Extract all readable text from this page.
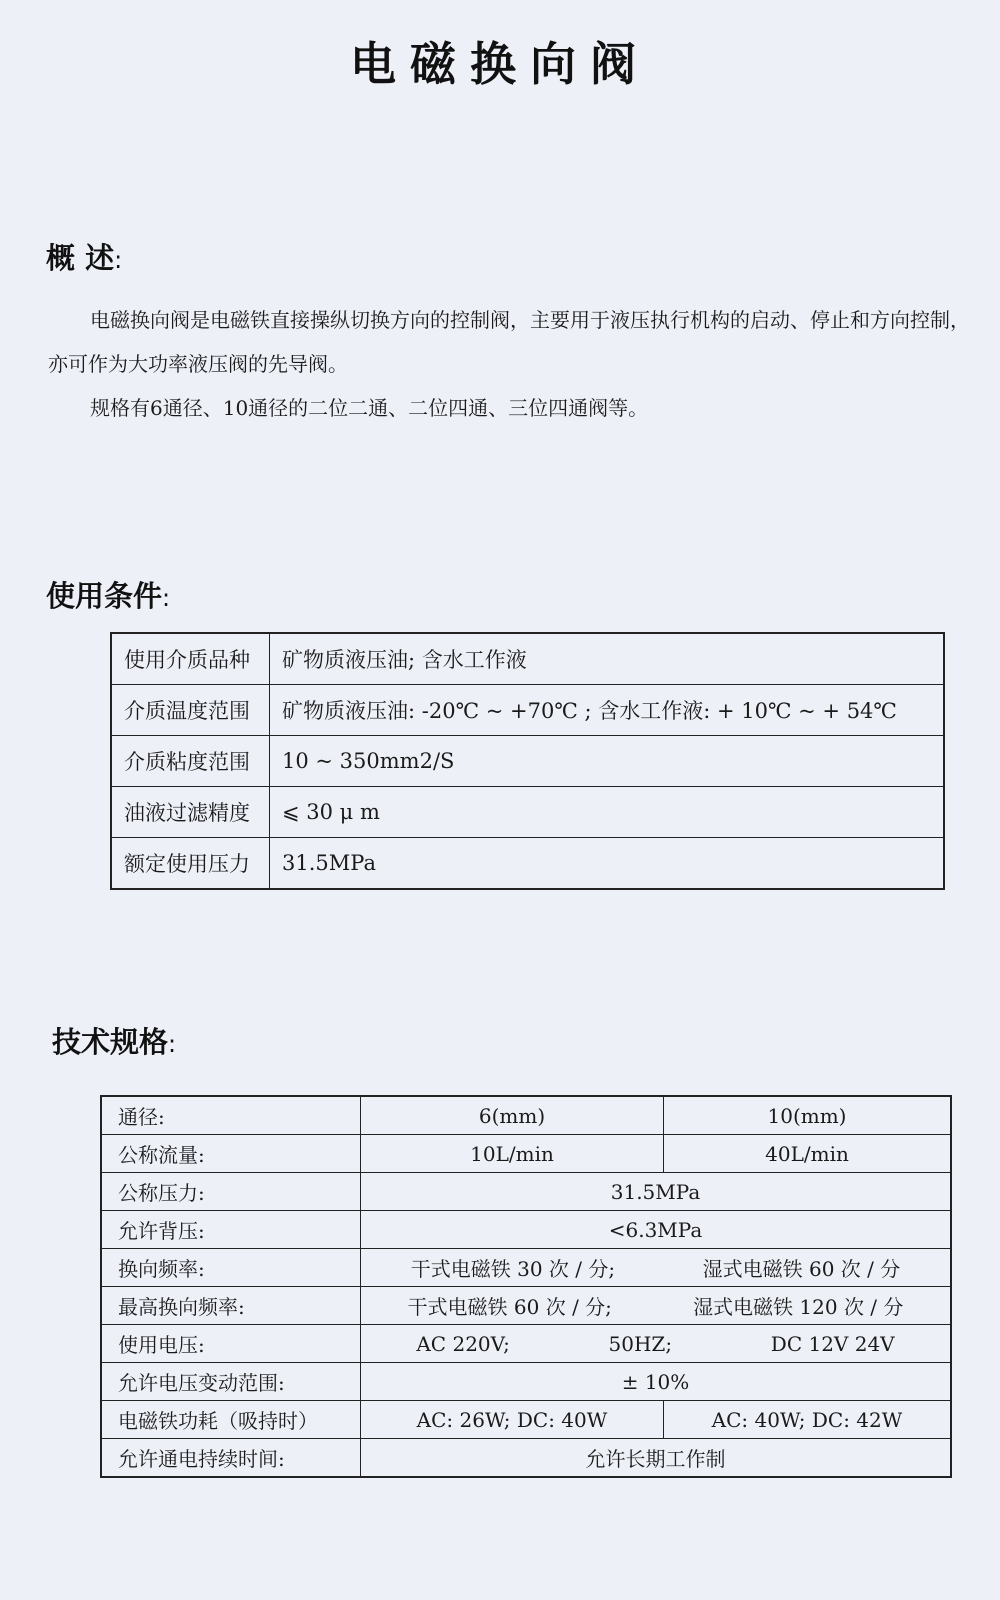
电磁换向阀
概 述:
电磁换向阀是电磁铁直接操纵切换方向的控制阀，主要用于液压执行机构的启动、停止和方向控制，亦可作为大功率液压阀的先导阀。
规格有6通径、10通径的二位二通、二位四通、三位四通阀等。
使用条件:
使用介质品种	矿物质液压油; 含水工作液
介质温度范围	矿物质液压油: -20℃ ~ +70℃ ; 含水工作液: + 10℃ ~ + 54℃
介质粘度范围	10 ~ 350mm2/S
油液过滤精度	⩽ 30 μ m
额定使用压力	31.5MPa
技术规格:
通径:	6(mm)	10(mm)
公称流量:	10L/min	40L/min
公称压力:	31.5MPa	
允许背压:	<6.3MPa	
换向频率:	干式电磁铁 30 次 / 分; 湿式电磁铁 60 次 / 分	

最高换向频率:	干式电磁铁 60 次 / 分; 湿式电磁铁 120 次 / 分	

使用电压:	AC 220V; 50HZ; DC 12V 24V	

允许电压变动范围:	± 10%	
电磁铁功耗（吸持时）	AC: 26W; DC: 40W	AC: 40W; DC: 42W
允许通电持续时间:	允许长期工作制	
